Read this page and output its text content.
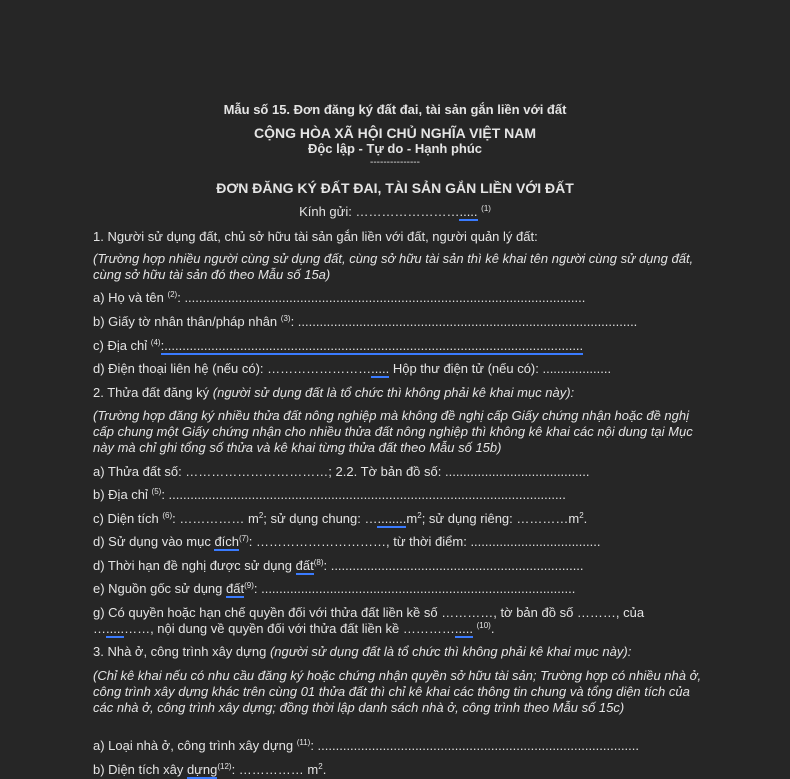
Mẫu số 15. Đơn đăng ký đất đai, tài sản gắn liền với đất
CỘNG HÒA XÃ HỘI CHỦ NGHĨA VIỆT NAM
Độc lập - Tự do - Hạnh phúc
---------------
ĐƠN ĐĂNG KÝ ĐẤT ĐAI, TÀI SẢN GẮN LIỀN VỚI ĐẤT
Kính gửi: ……………………..... $^{(1)}$
1. Người sử dụng đất, chủ sở hữu tài sản gắn liền với đất, người quản lý đất:
(Trường hợp nhiều người cùng sử dụng đất, cùng sở hữu tài sản thì kê khai tên người cùng sử dụng đất, cùng sở hữu tài sản đó theo Mẫu số 15a)
a) Họ và tên $^{(2)}$: ...............................................................................................................
b) Giấy tờ nhân thân/pháp nhân $^{(3)}$: ..............................................................................................
c) Địa chỉ $^{(4)}$:....................................................................................................................
d) Điện thoại liên hệ (nếu có): ……………………..... Hộp thư điện tử (nếu có): ...................
2. Thửa đất đăng ký (người sử dụng đất là tổ chức thì không phải kê khai mục này):
(Trường hợp đăng ký nhiều thửa đất nông nghiệp mà không đề nghị cấp Giấy chứng nhận hoặc đề nghị cấp chung một Giấy chứng nhận cho nhiều thửa đất nông nghiệp thì không kê khai các nội dung tại Mục này mà chỉ ghi tổng số thửa và kê khai từng thửa đất theo Mẫu số 15b)
a) Thửa đất số: ……………………………; 2.2. Tờ bản đồ số: ........................................
b) Địa chỉ $^{(5)}$: ..............................................................................................................
c) Diện tích $^{(6)}$: …………… $m^2$; sử dụng chung: $\dots........m^2$; sử dụng riêng: $\dots\dots\dots\dots m^2$.
d) Sử dụng vào mục đích$^{(7)}$: …………………………, từ thời điểm: ....................................
d) Thời hạn đề nghị được sử dụng đất$^{(8)}$: ......................................................................
e) Nguồn gốc sử dụng đất$^{(9)}$: .......................................................................................
g) Có quyền hoặc hạn chế quyền đối với thửa đất liền kề số …………, tờ bản đồ số ………, của
….....……, nội dung về quyền đối với thửa đất liền kề …………..... $^{(10)}$.
3. Nhà ở, công trình xây dựng (người sử dụng đất là tổ chức thì không phải kê khai mục này):
(Chỉ kê khai nếu có nhu cầu đăng ký hoặc chứng nhận quyền sở hữu tài sản; Trường hợp có nhiều nhà ở, công trình xây dựng khác trên cùng 01 thửa đất thì chỉ kê khai các thông tin chung và tổng diện tích của các nhà ở, công trình xây dựng; đồng thời lập danh sách nhà ở, công trình theo Mẫu số 15c)
a) Loại nhà ở, công trình xây dựng $^{(11)}$: .........................................................................................
b) Diện tích xây dựng$^{(12)}$: …………… $m^2$.
